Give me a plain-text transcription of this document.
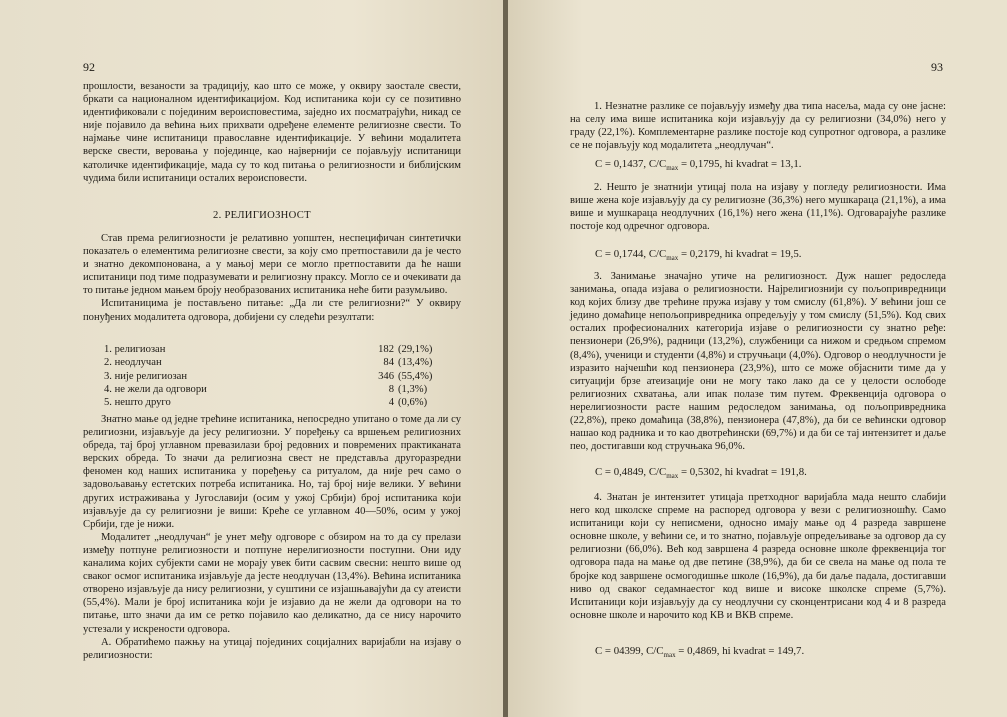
92

прошлости, везаности за традицију, као што се може, у оквиру заостале свести, бркати са националном идентификацијом. Код испитаника који су се позитивно идентификовали с појединим вероисповестима, заједно их посматрајући, никад се није појавило да већина њих прихвати одређене елементе религиозне свести. То најмање чине испитаници православне идентификације. У већини модалитета верске свести, веровања у појединце, као највернији се појављују испитаници католичке идентификације, мада су то код питања о религиозности и библијским чудима били испитаници осталих вероисповести.

2. РЕЛИГИОЗНОСТ

Став према религиозности је релативно уопштен, неспецифичан синтетички показатељ о елементима религиозне свести, за коју смо претпоставили да је често и знатно декомпонована, а у мањој мери се могло претпоставити да ће наши испитаници под тиме подразумевати и религиозну праксу. Могло се и очекивати да то питање једном мањем броју необразованих испитаника неће бити разумљиво.

Испитаницима је постављено питање: „Да ли сте религиозни?“ У оквиру понуђених модалитета одговора, добијени су следећи резултати:

1. религиозан	182 (29,1%)
2. неодлучан	84 (13,4%)
3. није религиозан	346 (55,4%)
4. не жели да одговори	8 (1,3%)
5. нешто друго	4 (0,6%)

Знатно мање од једне трећине испитаника, непосредно упитано о томе да ли су религиозни, изјављује да јесу религиозни. У поређењу са вршењем религиозних обреда, тај број углавном превазилази број редовних и повремених практиканата верских обреда. То значи да религиозна свест не представља другоразредни феномен код наших испитаника у поређењу са ритуалом, да није реч само о задовољавању естетских потреба испитаника. Но, тај број није велики. У већини других истраживања у Југославији (осим у ужој Србији) број испитаника који изјављује да су религиозни је виши: Креће се углавном 40—50%, осим у ужој Србији, где је нижи.

Модалитет „неодлучан“ је унет међу одговоре с обзиром на то да су прелази између потпуне религиозности и потпуне нерелигиозности поступни. Они иду каналима којих субјекти сами не морају увек бити сасвим свесни: нешто више од сваког осмог испитаника изјављује да јесте неодлучан (13,4%). Већина испитаника отворено изјављује да нису религиозни, у суштини се изјашњавајући да су атеисти (55,4%). Мали је број испитаника који је изјавио да не жели да одговори на то питање, што значи да им се ретко појавило као деликатно, да се нису нарочито устезали у искрености одговора.

А. Обратићемо пажњу на утицај појединих социјалних варијабли на изјаву о религиозности:

93

1. Незнатне разлике се појављују између два типа насеља, мада су оне јасне: на селу има више испитаника који изјављују да су религиозни (34,0%) него у граду (22,1%). Комплементарне разлике постоје код супротног одговора, а разлике се не појављују код модалитета „неодлучан“.

C = 0,1437, $C/C_{max} = 0,1795$, hi kvadrat = 13,1.

2. Нешто је знатнији утицај пола на изјаву у погледу религиозности. Има више жена које изјављују да су религиозне (36,3%) него мушкараца (21,1%), а има више и мушкараца неодлучних (16,1%) него жена (11,1%). Одговарајуће разлике постоје код одречног одговора.

C = 0,1744, $C/C_{max} = 0,2179$, hi kvadrat = 19,5.

3. Занимање значајно утиче на религиозност. Дуж нашег редоследа занимања, опада изјава о религиозности. Најрелигиознији су пољопривредници код којих близу две трећине пружа изјаву у том смислу (61,8%). У већини још се једино домаћице непољопривредника опредељују у том смислу (51,5%). Код свих осталих професионалних категорија изјаве о религиозности су знатно ређе: пензионери (26,9%), радници (13,2%), службеници са нижом и средњом спремом (8,4%), ученици и студенти (4,8%) и стручњаци (4,0%). Одговор о неодлучности је изразито најчешћи код пензионера (23,9%), што се може објаснити тиме да у ситуацији брзе атеизације они не могу тако лако да се у целости ослободе религиозних схватања, али ипак полазе тим путем. Фреквенција одговора о нерелигиозности расте нашим редоследом занимања, од пољопривредника (22,8%), преко домаћица (38,8%), пензионера (47,8%), да би се већински одговор нашао код радника и то као двотрећински (69,7%) и да би се тај интензитет и даље пео, достигавши код стручњака 96,0%.

C = 0,4849, $C/C_{max} = 0,5302$, hi kvadrat = 191,8.

4. Знатан је интензитет утицаја претходног варијабла мада нешто слабији него код школске спреме на распоред одговора у вези с религиозношћу. Само испитаници који су неписмени, односно имају мање од 4 разреда завршене основне школе, у већини се, и то знатно, појављује опредељивање за одговор да су религиозни (66,0%). Већ код завршена 4 разреда основне школе фреквенција тог одговора пада на мање од две петине (38,9%), да би се свела на мање од пола те бројке код завршене осмогодишње школе (16,9%), да би даље падала, достигавши ниво од сваког седамнаестог код више и високе школске спреме (5,7%). Испитаници који изјављују да су неодлучни су сконцентрисани код 4 и 8 разреда основне школе и нарочито код КВ и ВКВ спреме.

C = 04399, $C/C_{max} = 0,4869$, hi kvadrat = 149,7.
